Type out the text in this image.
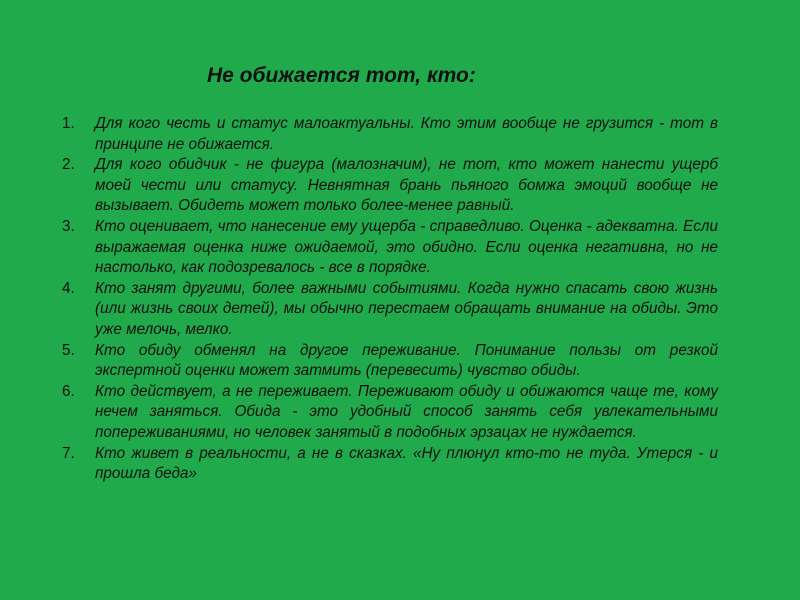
Не обижается тот, кто:
1.	Для кого честь и статус малоактуальны. Кто этим вообще не грузится - тот в принципе не обижается.
2.	Для кого обидчик - не фигура (малозначим), не тот, кто может нанести ущерб моей чести или статусу. Невнятная брань пьяного бомжа эмоций вообще не вызывает. Обидеть может только более-менее равный.
3.	Кто оценивает, что нанесение ему ущерба - справедливо. Оценка - адекватна. Если выражаемая оценка ниже ожидаемой, это обидно. Если оценка негативна, но не настолько, как подозревалось - все в порядке.
4.	Кто занят другими, более важными событиями. Когда нужно спасать свою жизнь (или жизнь своих детей), мы обычно перестаем обращать внимание на обиды. Это уже мелочь, мелко.
5.	Кто обиду обменял на другое переживание. Понимание пользы от резкой экспертной оценки может затмить (перевесить) чувство обиды.
6.	Кто действует, а не переживает. Переживают обиду и обижаются чаще те, кому нечем заняться. Обида - это удобный способ занять себя увлекательными попереживаниями, но человек занятый в подобных эрзацах не нуждается.
7.	Кто живет в реальности, а не в сказках. «Ну плюнул кто-то не туда. Утерся - и прошла беда»
